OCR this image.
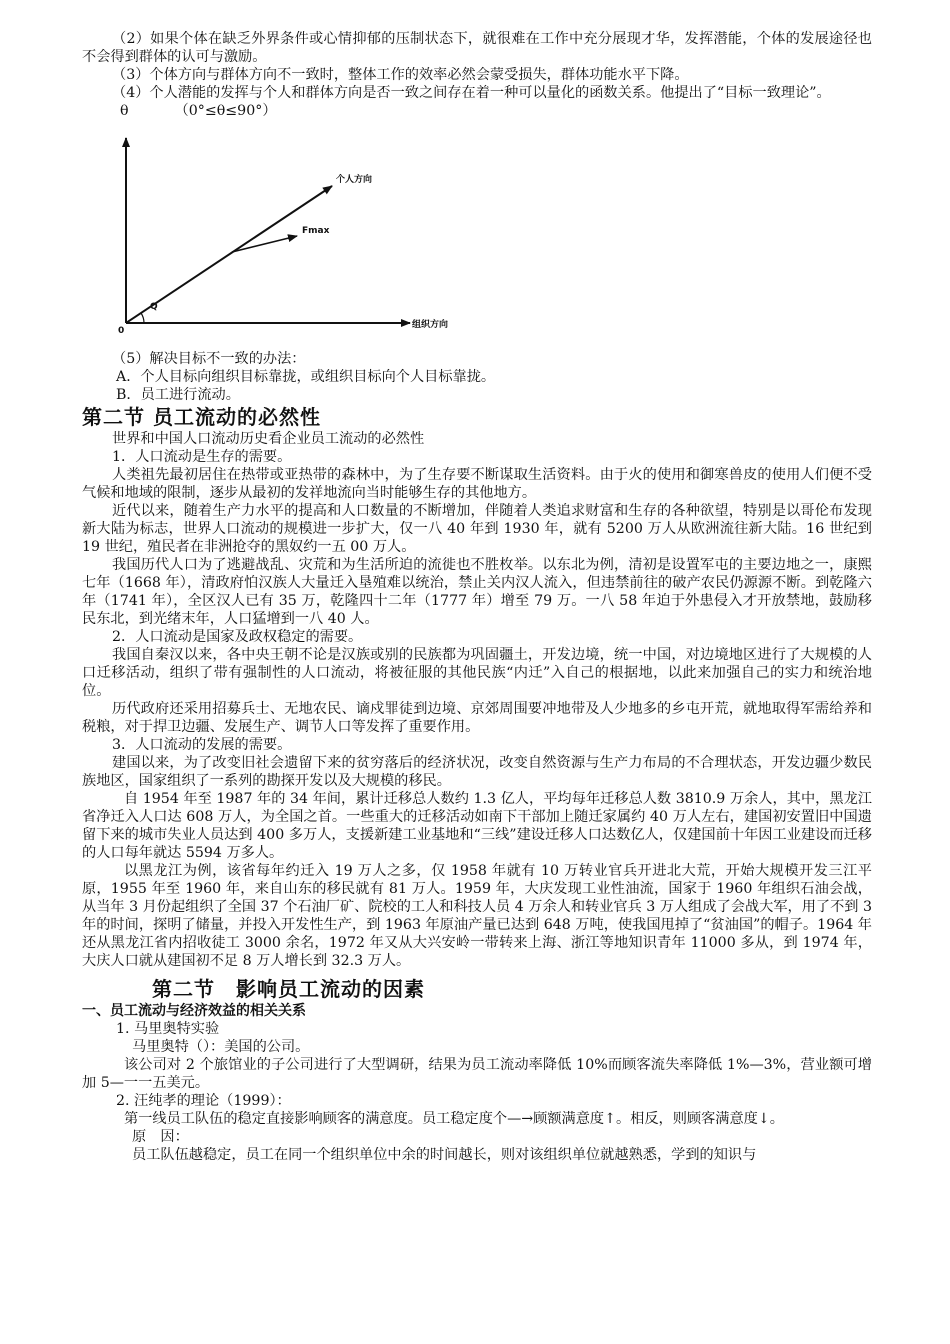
（2）如果个体在缺乏外界条件或心情抑郁的压制状态下，就很难在工作中充分展现才华，发挥潜能，个体的发展途径也不会得到群体的认可与激励。

（3）个体方向与群体方向不一致时，整体工作的效率必然会蒙受损失，群体功能水平下降。

（4）个人潜能的发挥与个人和群体方向是否一致之间存在着一种可以量化的函数关系。他提出了“目标一致理论”。

θ	（0°≤θ≤90°）

个人方向
Fmax
Q
0
组织方向

（5）解决目标不一致的办法：

A．个人目标向组织目标靠拢，或组织目标向个人目标靠拢。

B．员工进行流动。

第二节 员工流动的必然性

世界和中国人口流动历史看企业员工流动的必然性

1．人口流动是生存的需要。

人类祖先最初居住在热带或亚热带的森林中，为了生存要不断谋取生活资料。由于火的使用和御寒兽皮的使用人们便不受气候和地域的限制，逐步从最初的发祥地流向当时能够生存的其他地方。

近代以来，随着生产力水平的提高和人口数量的不断增加，伴随着人类追求财富和生存的各种欲望，特别是以哥伦布发现新大陆为标志，世界人口流动的规模进一步扩大，仅一八 40 年到 1930 年，就有 5200 万人从欧洲流往新大陆。16 世纪到 19 世纪，殖民者在非洲抢夺的黑奴约一五 00 万人。

我国历代人口为了逃避战乱、灾荒和为生活所迫的流徙也不胜枚举。以东北为例，清初是设置军屯的主要边地之一，康熙七年（1668 年），清政府怕汉族人大量迁入垦殖难以统治，禁止关内汉人流入，但违禁前往的破产农民仍源源不断。到乾隆六年（1741 年），全区汉人已有 35 万，乾隆四十二年（1777 年）增至 79 万。一八 58 年迫于外患侵入才开放禁地，鼓励移民东北，到光绪末年，人口猛增到一八 40 人。

2．人口流动是国家及政权稳定的需要。

我国自秦汉以来，各中央王朝不论是汉族或别的民族都为巩固疆土，开发边境，统一中国，对边境地区进行了大规模的人口迁移活动，组织了带有强制性的人口流动，将被征服的其他民族“内迁”入自己的根据地，以此来加强自己的实力和统治地位。

历代政府还采用招募兵士、无地农民、谪戍罪徒到边境、京郊周围要冲地带及人少地多的乡屯开荒，就地取得军需给养和税粮，对于捍卫边疆、发展生产、调节人口等发挥了重要作用。

3．人口流动的发展的需要。

建国以来，为了改变旧社会遗留下来的贫穷落后的经济状况，改变自然资源与生产力布局的不合理状态，开发边疆少数民族地区，国家组织了一系列的勘探开发以及大规模的移民。

自 1954 年至 1987 年的 34 年间，累计迁移总人数约 1.3 亿人，平均每年迁移总人数 3810.9 万余人，其中，黑龙江省净迁入人口达 608 万人，为全国之首。一些重大的迁移活动如南下干部加上随迁家属约 40 万人左右，建国初安置旧中国遗留下来的城市失业人员达到 400 多万人，支援新建工业基地和“三线”建设迁移人口达数亿人，仅建国前十年因工业建设而迁移的人口每年就达 5594 万多人。

以黑龙江为例，该省每年约迁入 19 万人之多，仅 1958 年就有 10 万转业官兵开进北大荒，开始大规模开发三江平原，1955 年至 1960 年，来自山东的移民就有 81 万人。1959 年，大庆发现工业性油流，国家于 1960 年组织石油会战，从当年 3 月份起组织了全国 37 个石油厂矿、院校的工人和科技人员 4 万余人和转业官兵 3 万人组成了会战大军，用了不到 3 年的时间，探明了储量，并投入开发性生产，到 1963 年原油产量已达到 648 万吨，使我国甩掉了“贫油国”的帽子。1964 年还从黑龙江省内招收徒工 3000 余名，1972 年又从大兴安岭一带转来上海、浙江等地知识青年 11000 多从，到 1974 年，大庆人口就从建国初不足 8 万人增长到 32.3 万人。

第二节　影响员工流动的因素
一、员工流动与经济效益的相关关系

1. 马里奥特实验

马里奥特（）：美国的公司。

该公司对 2 个旅馆业的子公司进行了大型调研，结果为员工流动率降低 10%而顾客流失率降低 1%—3%，营业额可增加 5—一一五美元。

2. 汪纯孝的理论（1999）：

第一线员工队伍的稳定直接影响顾客的满意度。员工稳定度个—→顾额满意度↑。相反，则顾客满意度↓。

原　因：

员工队伍越稳定，员工在同一个组织单位中余的时间越长，则对该组织单位就越熟悉，学到的知识与
